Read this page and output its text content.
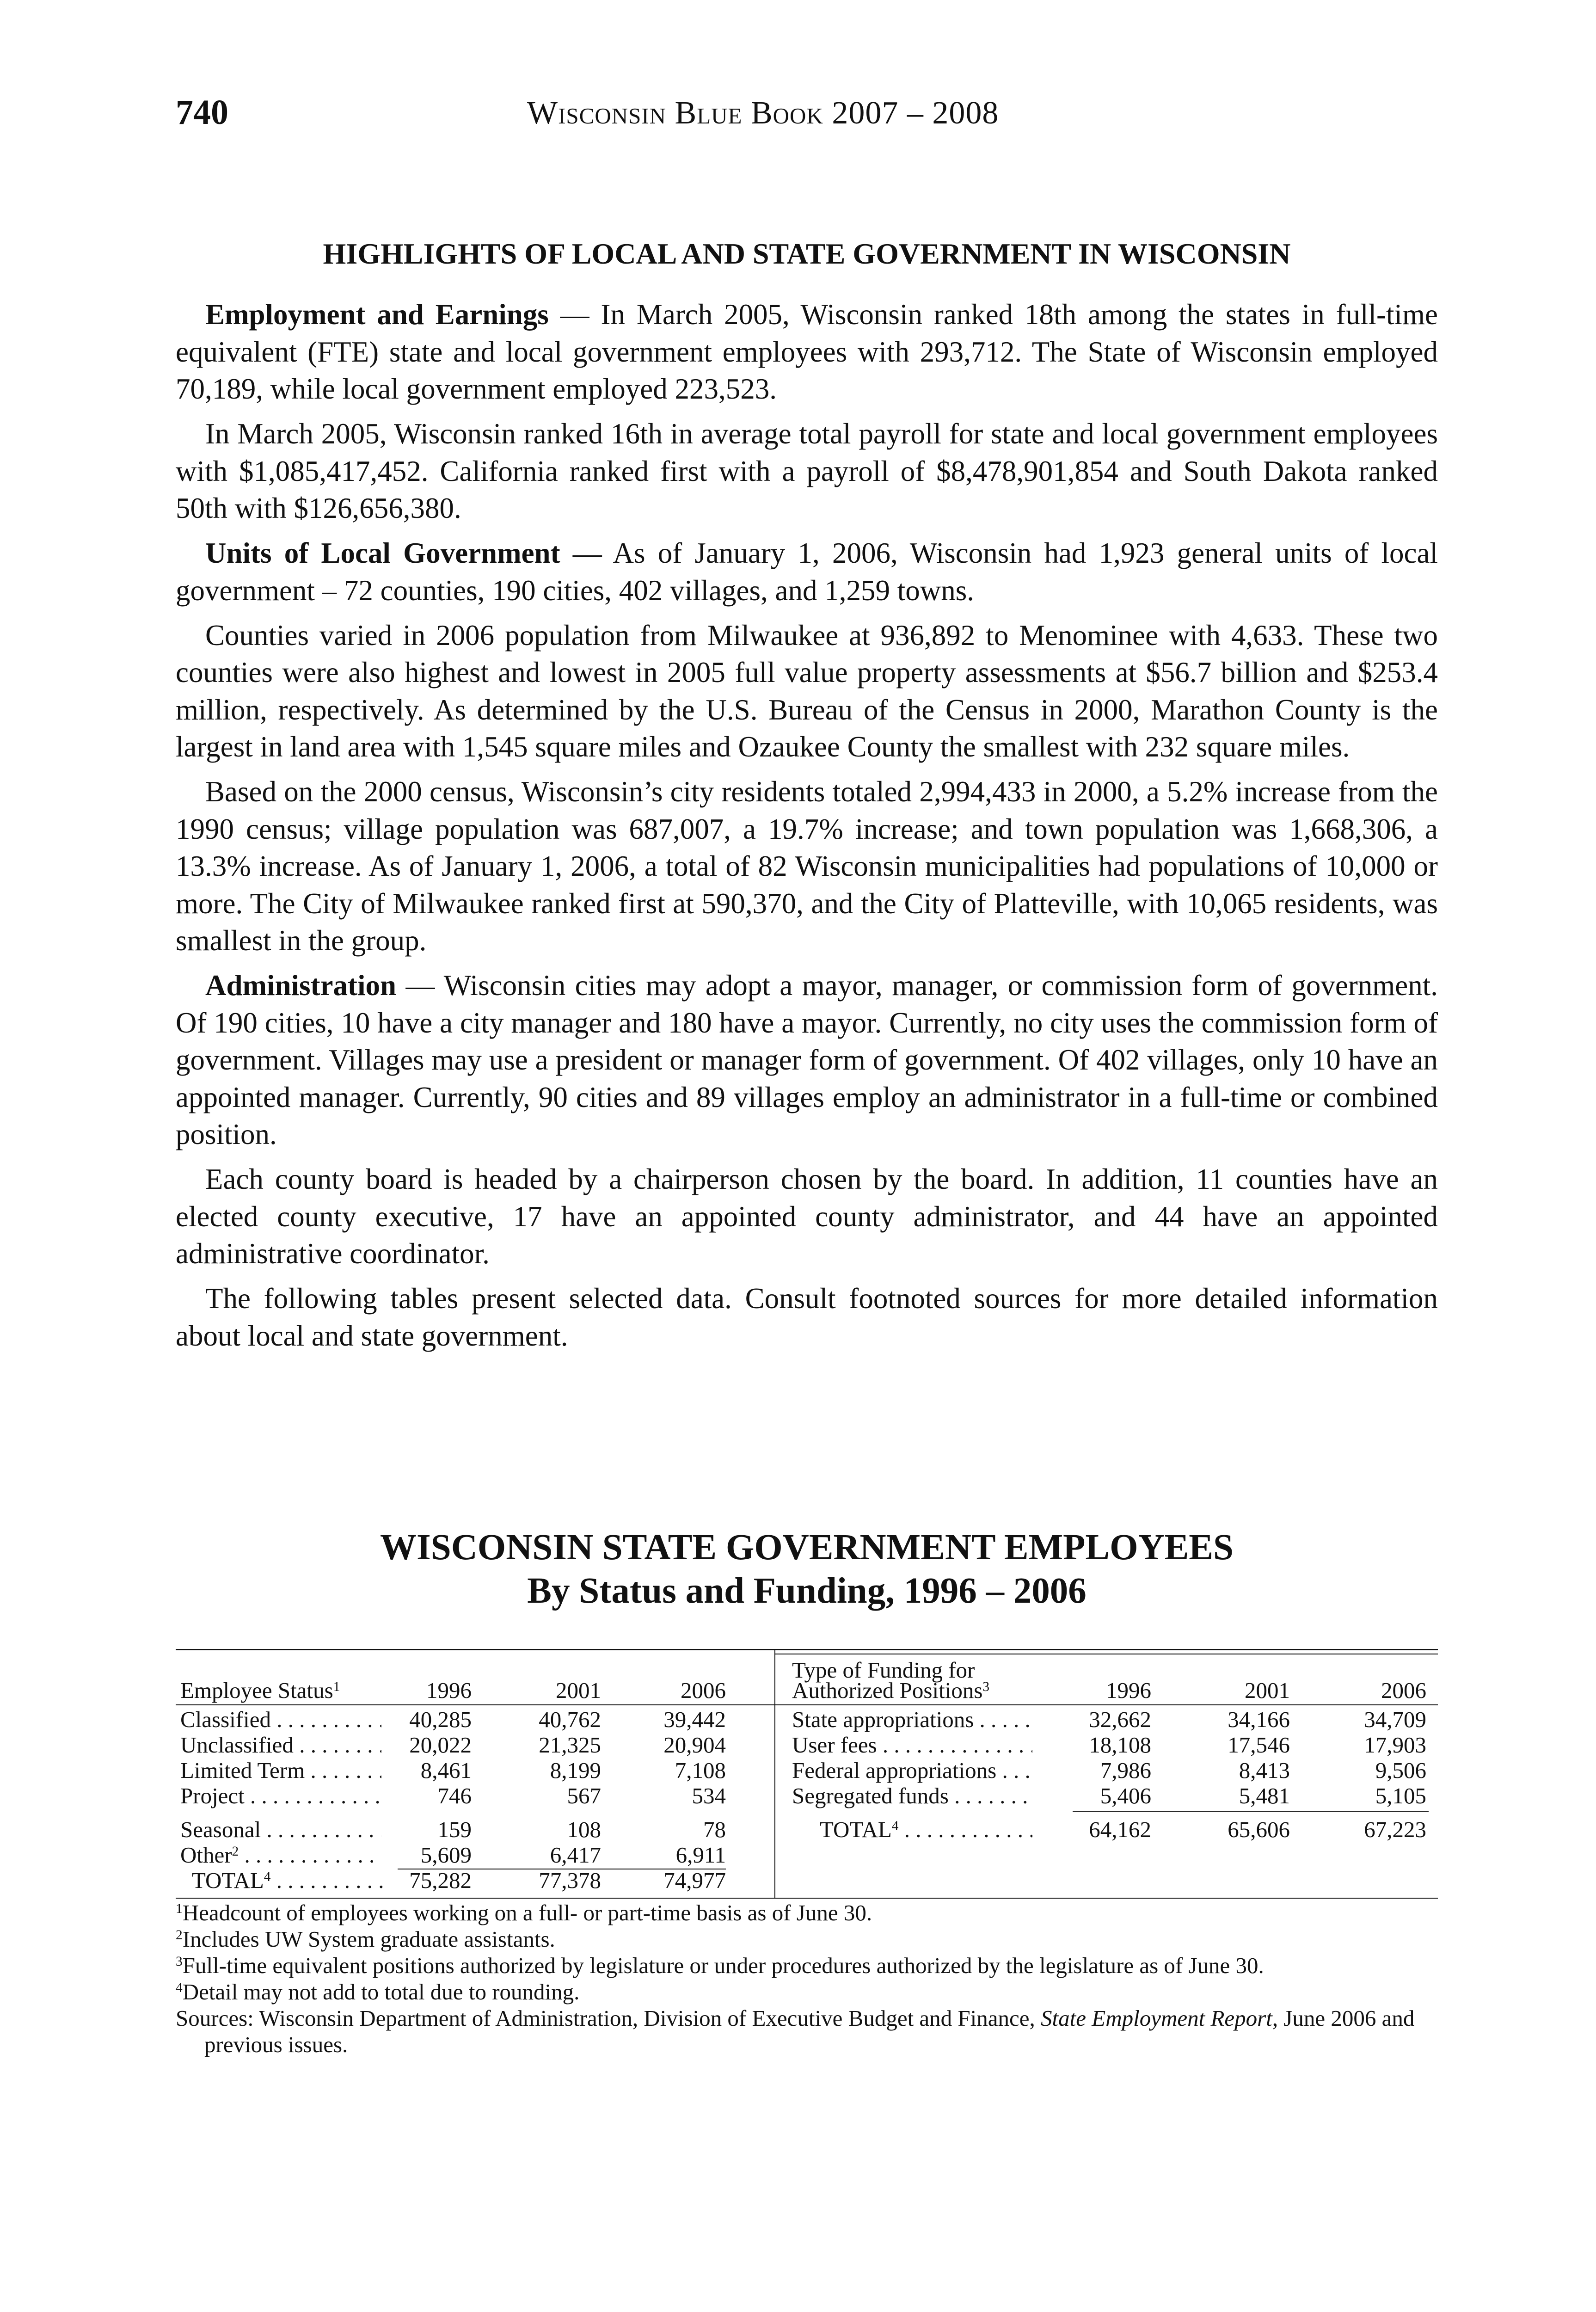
740	Wisconsin Blue Book 2007 – 2008
HIGHLIGHTS OF LOCAL AND STATE GOVERNMENT IN WISCONSIN

Employment and Earnings — In March 2005, Wisconsin ranked 18th among the states in full-time equivalent (FTE) state and local government employees with 293,712. The State of Wisconsin employed 70,189, while local government employed 223,523.

In March 2005, Wisconsin ranked 16th in average total payroll for state and local government employees with $1,085,417,452. California ranked first with a payroll of $8,478,901,854 and South Dakota ranked 50th with $126,656,380.

Units of Local Government — As of January 1, 2006, Wisconsin had 1,923 general units of local government – 72 counties, 190 cities, 402 villages, and 1,259 towns.

Counties varied in 2006 population from Milwaukee at 936,892 to Menominee with 4,633. These two counties were also highest and lowest in 2005 full value property assessments at $56.7 billion and $253.4 million, respectively. As determined by the U.S. Bureau of the Census in 2000, Marathon County is the largest in land area with 1,545 square miles and Ozaukee County the smallest with 232 square miles.

Based on the 2000 census, Wisconsin’s city residents totaled 2,994,433 in 2000, a 5.2% increase from the 1990 census; village population was 687,007, a 19.7% increase; and town population was 1,668,306, a 13.3% increase. As of January 1, 2006, a total of 82 Wisconsin municipalities had populations of 10,000 or more. The City of Milwaukee ranked first at 590,370, and the City of Platteville, with 10,065 residents, was smallest in the group.

Administration — Wisconsin cities may adopt a mayor, manager, or commission form of government. Of 190 cities, 10 have a city manager and 180 have a mayor. Currently, no city uses the commission form of government. Villages may use a president or manager form of government. Of 402 villages, only 10 have an appointed manager. Currently, 90 cities and 89 villages employ an administrator in a full-time or combined position.

Each county board is headed by a chairperson chosen by the board. In addition, 11 counties have an elected county executive, 17 have an appointed county administrator, and 44 have an appointed administrative coordinator.

The following tables present selected data. Consult footnoted sources for more detailed information about local and state government.

WISCONSIN STATE GOVERNMENT EMPLOYEES
By Status and Funding, 1996 – 2006
Employee Status$^1$	1996	2001	2006
Type of Funding for
Authorized Positions$^3$	1996	2001	2006
Classified . . .	40,285	40,762	39,442
Unclassified . . .	20,022	21,325	20,904
Limited Term . . .	8,461	8,199	7,108
Project . . .	746	567	534
Seasonal . . .	159	108	78
Other$^2$ . . .	5,609	6,417	6,911
TOTAL$^4$ . . .	75,282	77,378	74,977
State appropriations . . .	32,662	34,166	34,709
User fees . . .	18,108	17,546	17,903
Federal appropriations . . .	7,986	8,413	9,506
Segregated funds . . .	5,406	5,481	5,105
TOTAL$^4$ . . .	64,162	65,606	67,223

$^1$Headcount of employees working on a full- or part-time basis as of June 30.

$^2$Includes UW System graduate assistants.

$^3$Full-time equivalent positions authorized by legislature or under procedures authorized by the legislature as of June 30.

$^4$Detail may not add to total due to rounding.

Sources: Wisconsin Department of Administration, Division of Executive Budget and Finance, State Employment Report, June 2006 and previous issues.
